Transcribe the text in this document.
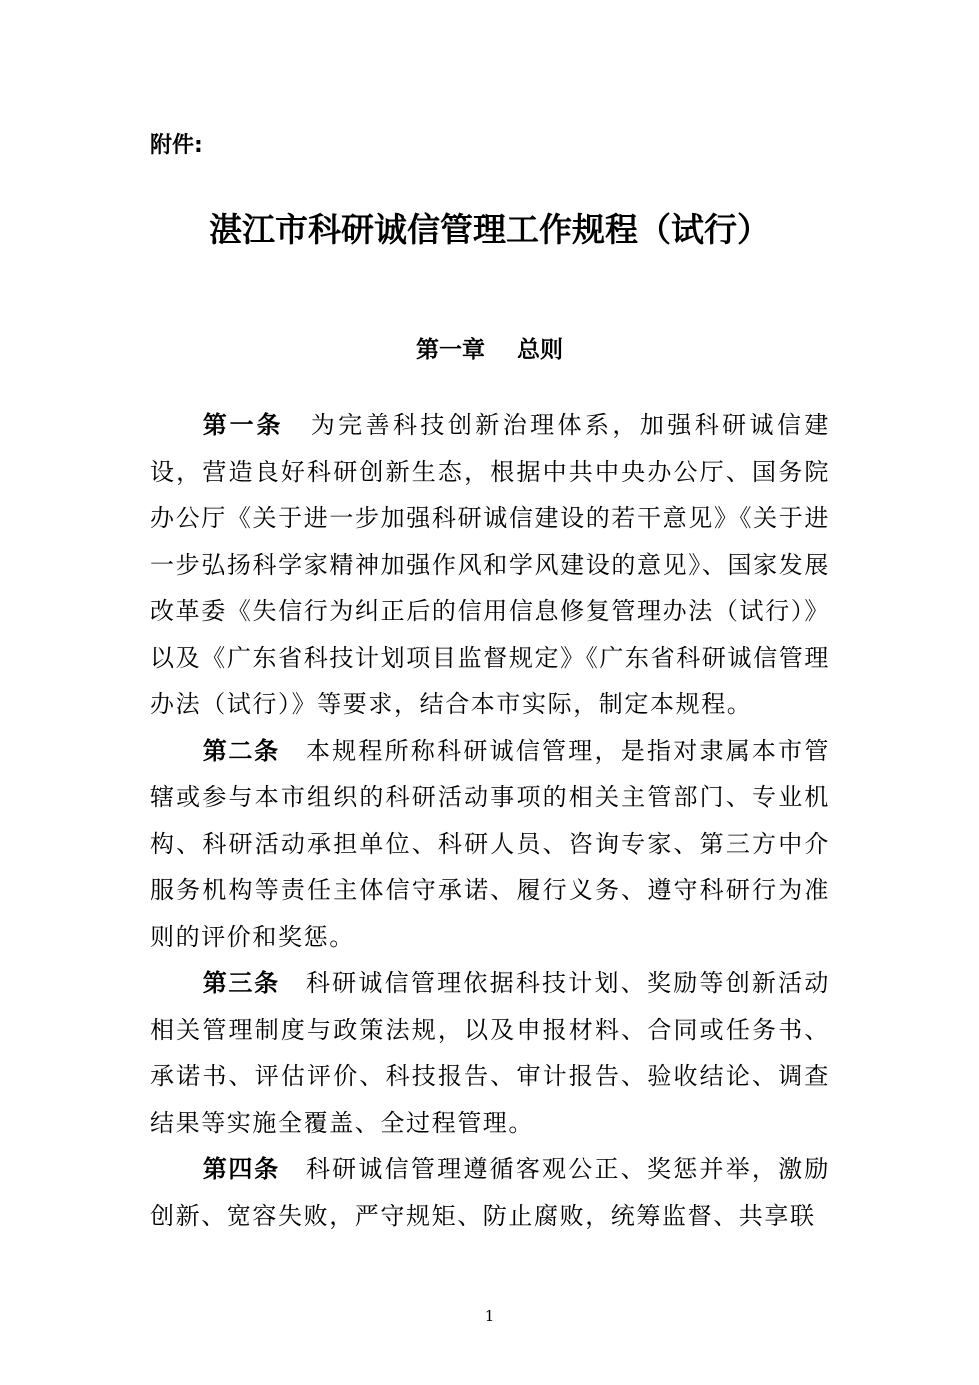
附件:

湛江市科研诚信管理工作规程（试行）
第一章    总则

第一条  为完善科技创新治理体系，加强科研诚信建设，营造良好科研创新生态，根据中共中央办公厅、国务院办公厅《关于进一步加强科研诚信建设的若干意见》《关于进一步弘扬科学家精神加强作风和学风建设的意见》、国家发展改革委《失信行为纠正后的信用信息修复管理办法（试行）》以及《广东省科技计划项目监督规定》《广东省科研诚信管理办法（试行）》等要求，结合本市实际，制定本规程。

第二条  本规程所称科研诚信管理，是指对隶属本市管辖或参与本市组织的科研活动事项的相关主管部门、专业机构、科研活动承担单位、科研人员、咨询专家、第三方中介服务机构等责任主体信守承诺、履行义务、遵守科研行为准则的评价和奖惩。

第三条  科研诚信管理依据科技计划、奖励等创新活动相关管理制度与政策法规，以及申报材料、合同或任务书、承诺书、评估评价、科技报告、审计报告、验收结论、调查结果等实施全覆盖、全过程管理。

第四条  科研诚信管理遵循客观公正、奖惩并举，激励创新、宽容失败，严守规矩、防止腐败，统筹监督、共享联

1
